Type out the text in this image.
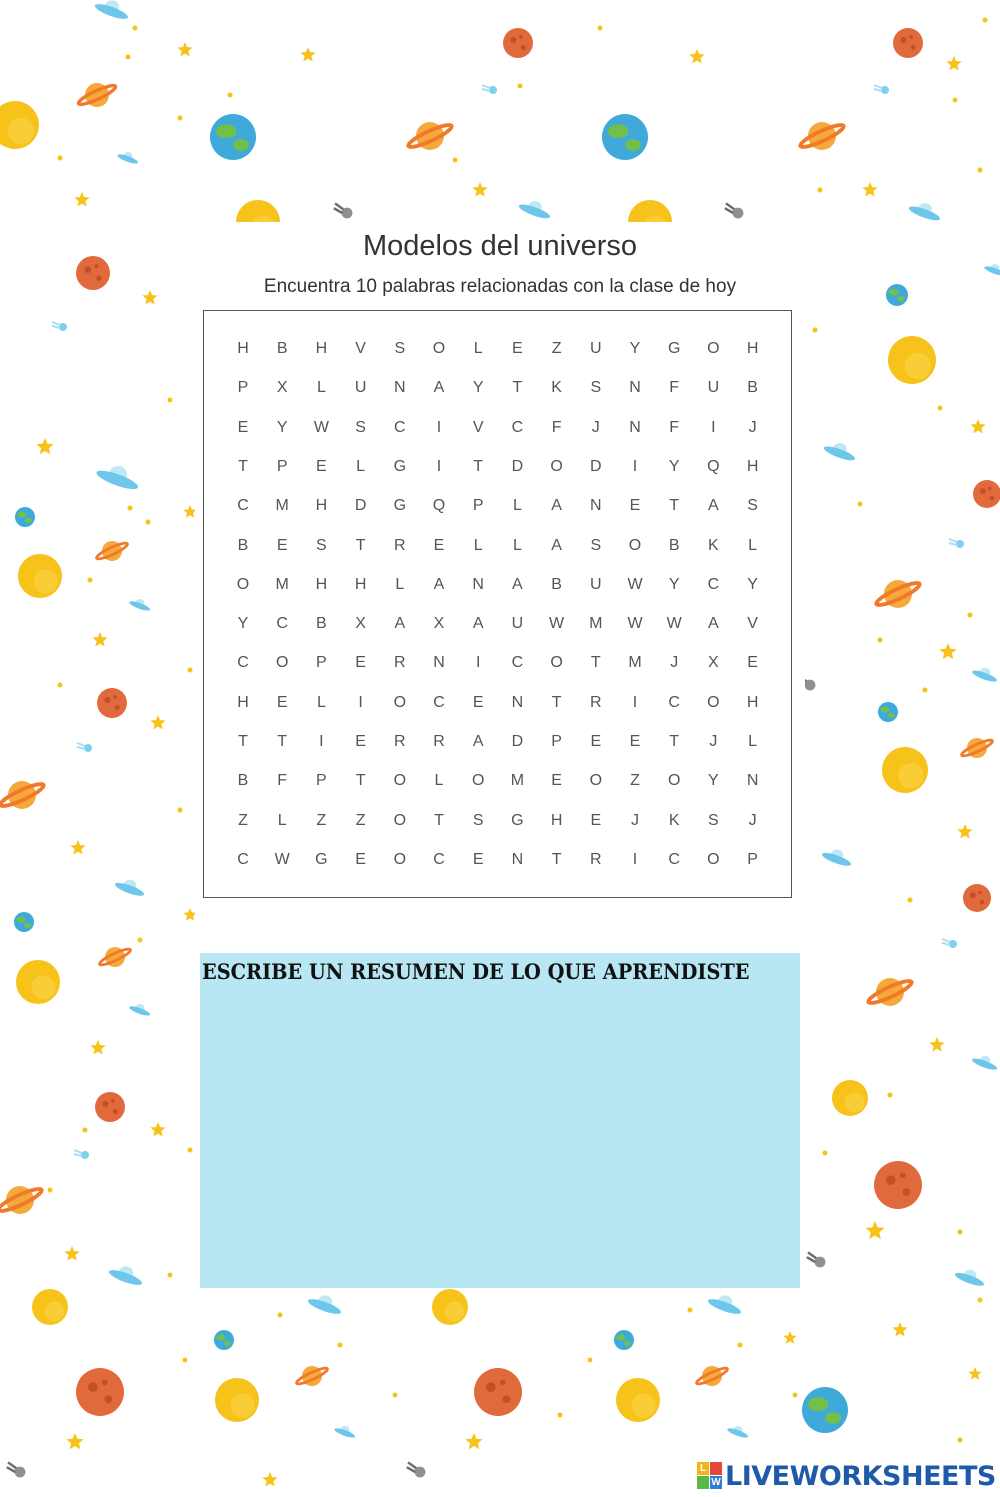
Modelos del universo
Encuentra 10 palabras relacionadas con la clase de hoy
H	B	H	V	S	O	L	E	Z	U	Y	G	O	H
P	X	L	U	N	A	Y	T	K	S	N	F	U	B
E	Y	W	S	C	I	V	C	F	J	N	F	I	J
T	P	E	L	G	I	T	D	O	D	I	Y	Q	H
C	M	H	D	G	Q	P	L	A	N	E	T	A	S
B	E	S	T	R	E	L	L	A	S	O	B	K	L
O	M	H	H	L	A	N	A	B	U	W	Y	C	Y
Y	C	B	X	A	X	A	U	W	M	W	W	A	V
C	O	P	E	R	N	I	C	O	T	M	J	X	E
H	E	L	I	O	C	E	N	T	R	I	C	O	H
T	T	I	E	R	R	A	D	P	E	E	T	J	L
B	F	P	T	O	L	O	M	E	O	Z	O	Y	N
Z	L	Z	Z	O	T	S	G	H	E	J	K	S	J
C	W	G	E	O	C	E	N	T	R	I	C	O	P
ESCRIBE UN RESUMEN DE LO QUE APRENDISTE
L
W LIVEWORKSHEETS
